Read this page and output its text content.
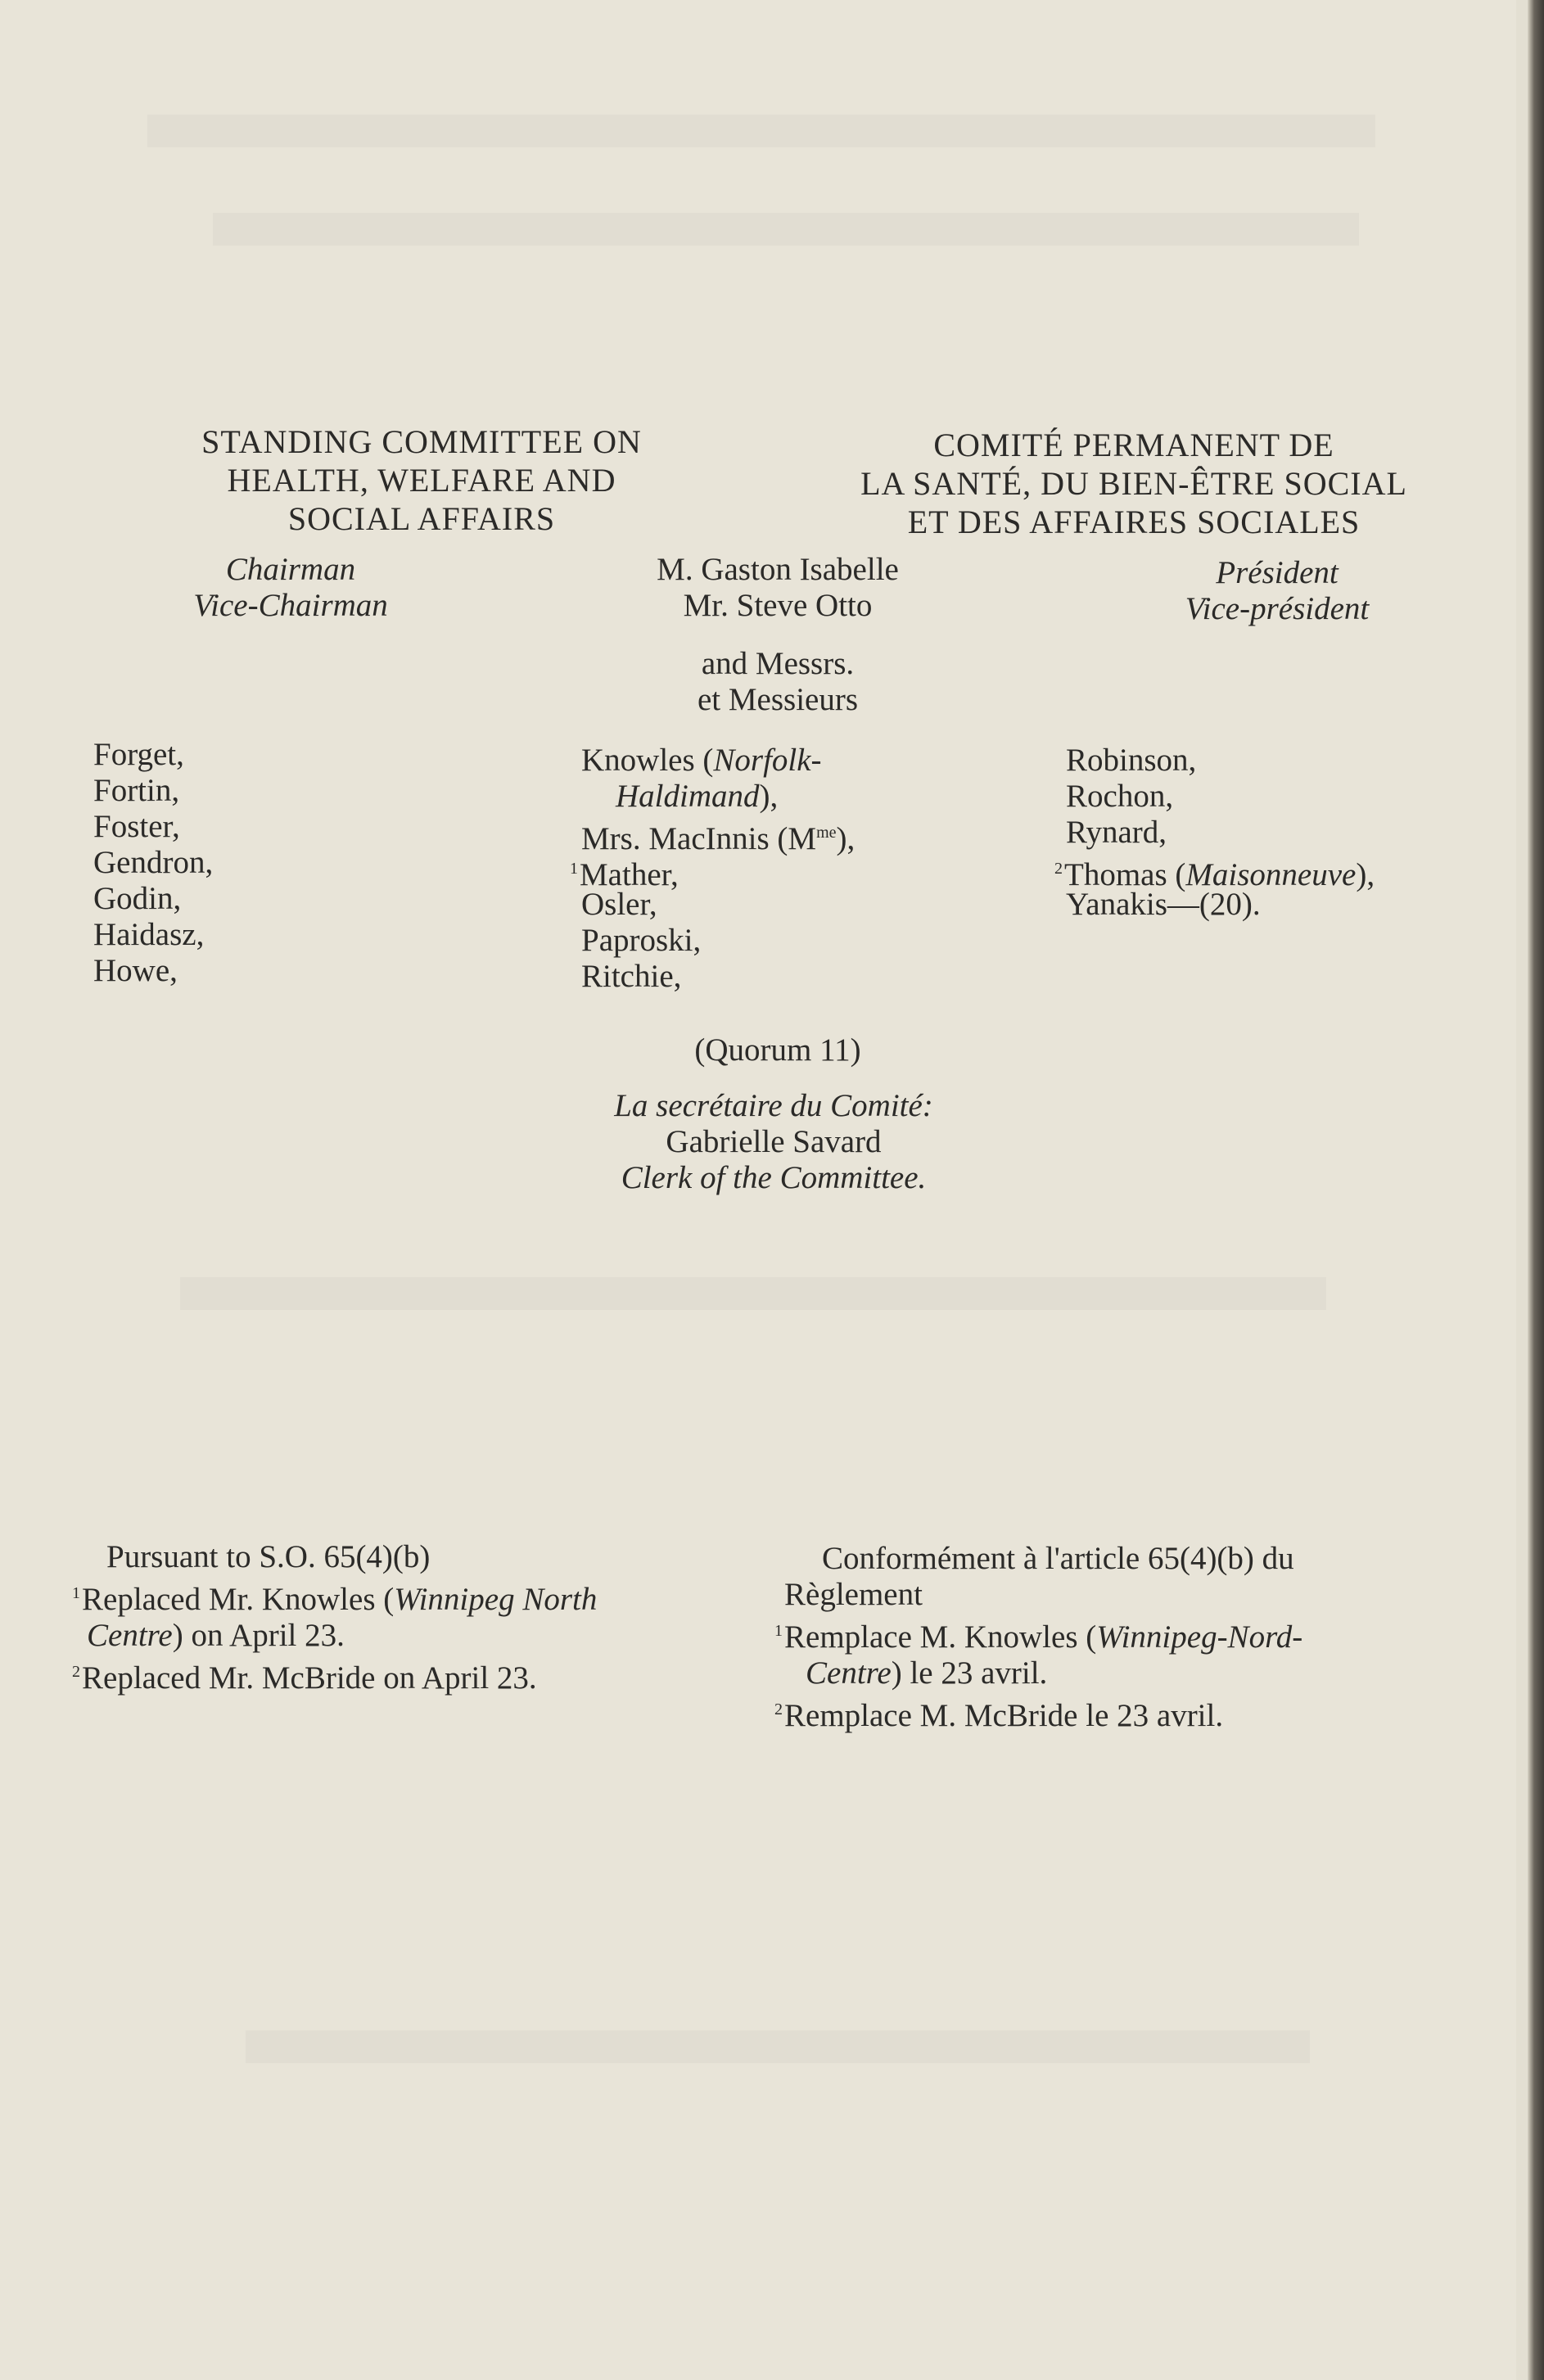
STANDING COMMITTEE ON
HEALTH, WELFARE AND
SOCIAL AFFAIRS
COMITÉ PERMANENT DE
LA SANTÉ, DU BIEN-ÊTRE SOCIAL
ET DES AFFAIRES SOCIALES
Chairman
Vice-Chairman
M. Gaston Isabelle
Mr. Steve Otto
Président
Vice-président
and Messrs.
et Messieurs
Forget,
Fortin,
Foster,
Gendron,
Godin,
Haidasz,
Howe,
Knowles (Norfolk-
Haldimand),
Mrs. MacInnis $(M^{me})$,
1Mather,
Osler,
Paproski,
Ritchie,
Robinson,
Rochon,
Rynard,
2Thomas (Maisonneuve),
Yanakis—(20).
(Quorum 11)
La secrétaire du Comité:
Gabrielle Savard
Clerk of the Committee.
Pursuant to S.O. 65(4)(b)
1Replaced Mr. Knowles (Winnipeg North
Centre) on April 23.
2Replaced Mr. McBride on April 23.
Conformément à l'article 65(4)(b) du
Règlement
1Remplace M. Knowles (Winnipeg-Nord-
Centre) le 23 avril.
2Remplace M. McBride le 23 avril.
